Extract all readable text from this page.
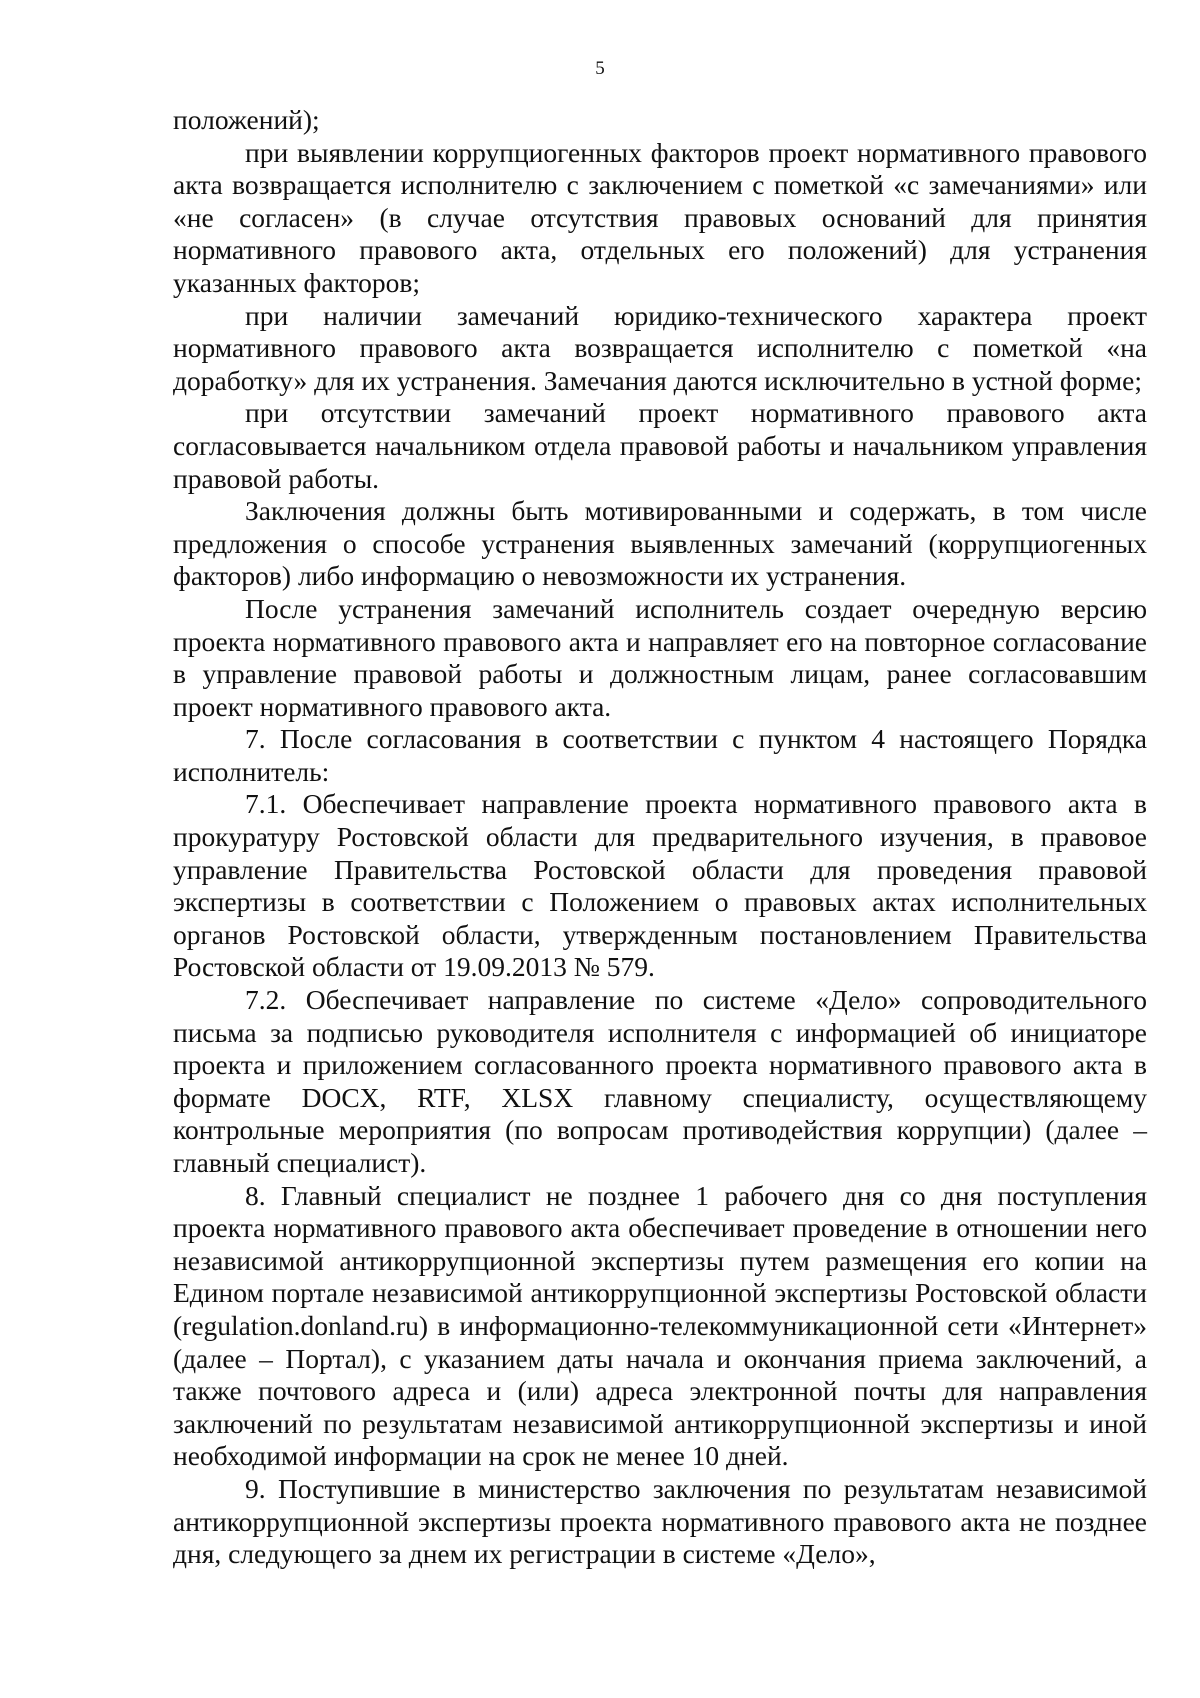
5

положений);

при выявлении коррупциогенных факторов проект нормативного правового акта возвращается исполнителю с заключением с пометкой «с замечаниями» или «не согласен» (в случае отсутствия правовых оснований для принятия нормативного правового акта, отдельных его положений) для устранения указанных факторов;

при наличии замечаний юридико-технического характера проект нормативного правового акта возвращается исполнителю с пометкой «на доработку» для их устранения. Замечания даются исключительно в устной форме;

при отсутствии замечаний проект нормативного правового акта согласовывается начальником отдела правовой работы и начальником управления правовой работы.

Заключения должны быть мотивированными и содержать, в том числе предложения о способе устранения выявленных замечаний (коррупциогенных факторов) либо информацию о невозможности их устранения.

После устранения замечаний исполнитель создает очередную версию проекта нормативного правового акта и направляет его на повторное согласование в управление правовой работы и должностным лицам, ранее согласовавшим проект нормативного правового акта.

7. После согласования в соответствии с пунктом 4 настоящего Порядка исполнитель:

7.1. Обеспечивает направление проекта нормативного правового акта в прокуратуру Ростовской области для предварительного изучения, в правовое управление Правительства Ростовской области для проведения правовой экспертизы в соответствии с Положением о правовых актах исполнительных органов Ростовской области, утвержденным постановлением Правительства Ростовской области от 19.09.2013 № 579.

7.2. Обеспечивает направление по системе «Дело» сопроводительного письма за подписью руководителя исполнителя с информацией об инициаторе проекта и приложением согласованного проекта нормативного правового акта в формате DOCX, RTF, XLSX главному специалисту, осуществляющему контрольные мероприятия (по вопросам противодействия коррупции) (далее – главный специалист).

8. Главный специалист не позднее 1 рабочего дня со дня поступления проекта нормативного правового акта обеспечивает проведение в отношении него независимой антикоррупционной экспертизы путем размещения его копии на Едином портале независимой антикоррупционной экспертизы Ростовской области (regulation.donland.ru) в информационно-телекоммуникационной сети «Интернет» (далее – Портал), с указанием даты начала и окончания приема заключений, а также почтового адреса и (или) адреса электронной почты для направления заключений по результатам независимой антикоррупционной экспертизы и иной необходимой информации на срок не менее 10 дней.

9. Поступившие в министерство заключения по результатам независимой антикоррупционной экспертизы проекта нормативного правового акта не позднее дня, следующего за днем их регистрации в системе «Дело»,
